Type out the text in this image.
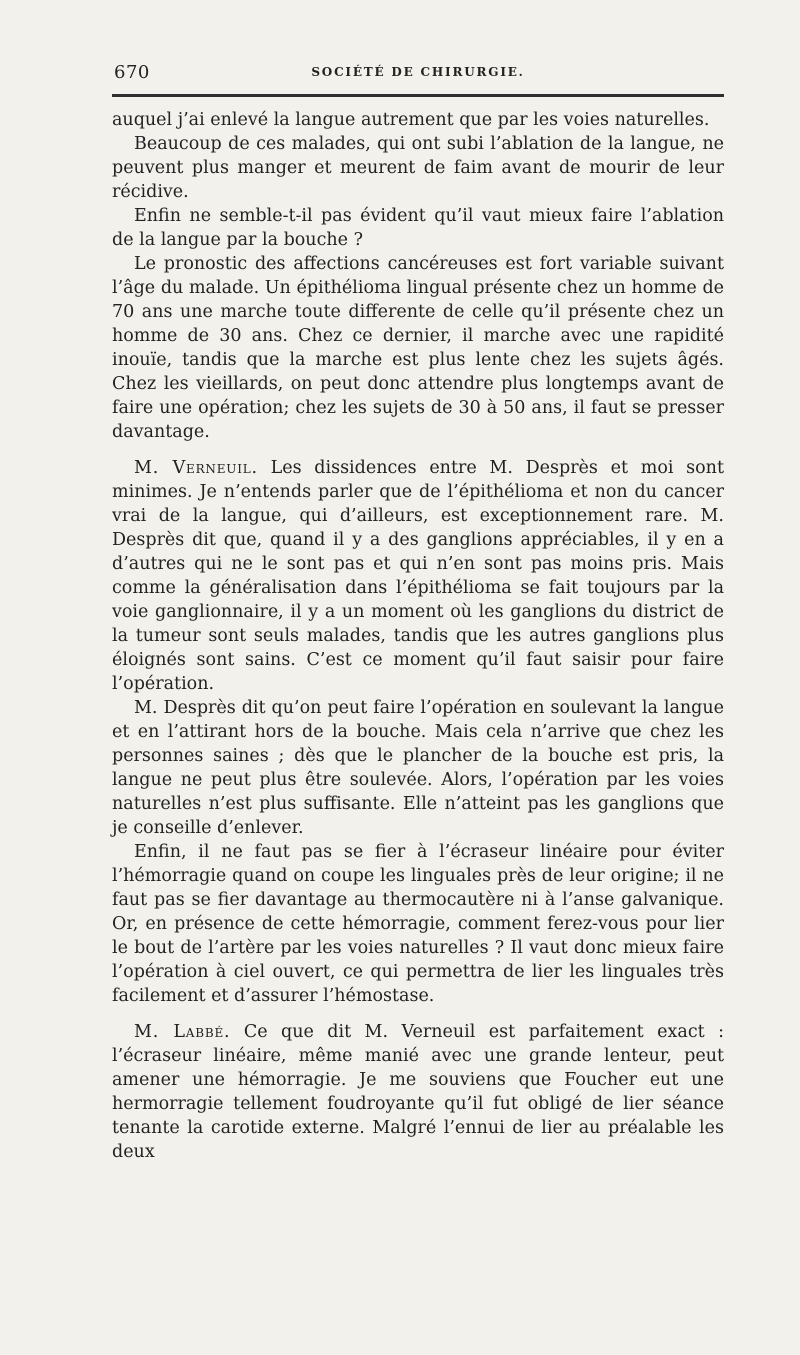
670	SOCIÉTÉ DE CHIRURGIE.

auquel j’ai enlevé la langue autrement que par les voies naturelles.

Beaucoup de ces malades, qui ont subi l’ablation de la langue, ne peuvent plus manger et meurent de faim avant de mourir de leur récidive.

Enfin ne semble-t-il pas évident qu’il vaut mieux faire l’ablation de la langue par la bouche ?

Le pronostic des affections cancéreuses est fort variable suivant l’âge du malade. Un épithélioma lingual présente chez un homme de 70 ans une marche toute differente de celle qu’il présente chez un homme de 30 ans. Chez ce dernier, il marche avec une rapidité inouïe, tandis que la marche est plus lente chez les sujets âgés. Chez les vieillards, on peut donc attendre plus longtemps avant de faire une opération; chez les sujets de 30 à 50 ans, il faut se presser davantage.

M. Verneuil. Les dissidences entre M. Desprès et moi sont minimes. Je n’entends parler que de l’épithélioma et non du cancer vrai de la langue, qui d’ailleurs, est exceptionnement rare. M. Desprès dit que, quand il y a des ganglions appréciables, il y en a d’autres qui ne le sont pas et qui n’en sont pas moins pris. Mais comme la généralisation dans l’épithélioma se fait toujours par la voie ganglionnaire, il y a un moment où les ganglions du district de la tumeur sont seuls malades, tandis que les autres ganglions plus éloignés sont sains. C’est ce moment qu’il faut saisir pour faire l’opération.

M. Desprès dit qu’on peut faire l’opération en soulevant la langue et en l’attirant hors de la bouche. Mais cela n’arrive que chez les personnes saines ; dès que le plancher de la bouche est pris, la langue ne peut plus être soulevée. Alors, l’opération par les voies naturelles n’est plus suffisante. Elle n’atteint pas les ganglions que je conseille d’enlever.

Enfin, il ne faut pas se fier à l’écraseur linéaire pour éviter l’hémorragie quand on coupe les linguales près de leur origine; il ne faut pas se fier davantage au thermocautère ni à l’anse galvanique. Or, en présence de cette hémorragie, comment ferez-vous pour lier le bout de l’artère par les voies naturelles ? Il vaut donc mieux faire l’opération à ciel ouvert, ce qui permettra de lier les linguales très facilement et d’assurer l’hémostase.

M. Labbé. Ce que dit M. Verneuil est parfaitement exact : l’écraseur linéaire, même manié avec une grande lenteur, peut amener une hémorragie. Je me souviens que Foucher eut une hermorragie tellement foudroyante qu’il fut obligé de lier séance tenante la carotide externe. Malgré l’ennui de lier au préalable les deux
